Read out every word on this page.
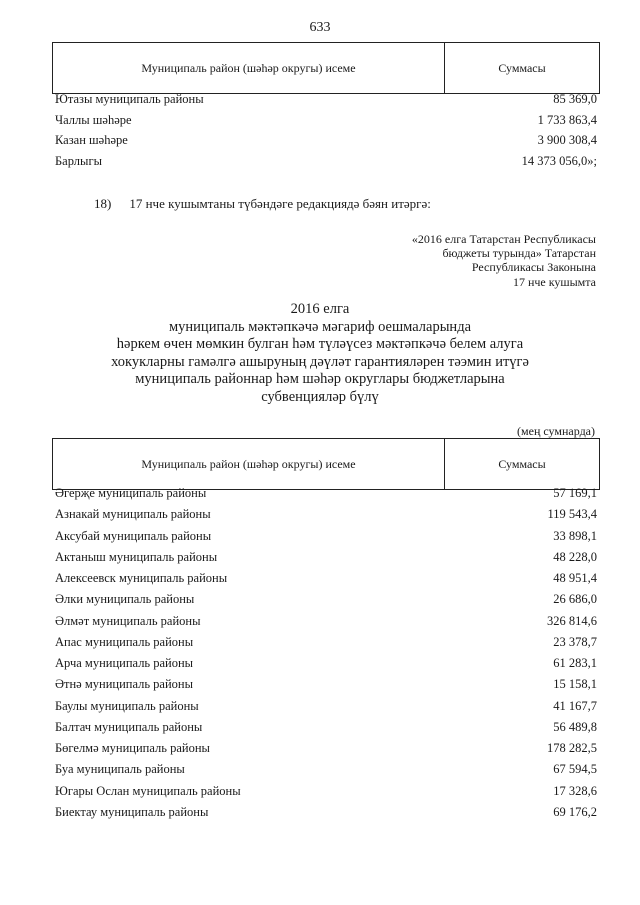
633
Муниципаль район (шәһәр округы) исеме	Суммасы
Ютазы муниципаль районы	85 369,0
Чаллы шәһәре	1 733 863,4
Казан шәһәре	3 900 308,4
Барлыгы	14 373 056,0»;
18) 17 нче кушымтаны түбәндәге редакциядә бәян итәргә:
«2016 елга Татарстан Республикасы
бюджеты турында» Татарстан
Республикасы Законына
17 нче кушымта
2016 елга
муниципаль мәктәпкәчә мәгариф оешмаларында
һәркем өчен мөмкин булган һәм түләүсез мәктәпкәчә белем алуга
хокукларны гамәлгә ашыруның дәүләт гарантияләрен тәэмин итүгә
муниципаль районнар һәм шәһәр округлары бюджетларына
субвенцияләр бүлү
(мең сумнарда)
Муниципаль район (шәһәр округы) исеме	Суммасы
Әгерҗе муниципаль районы	57 169,1
Азнакай муниципаль районы	119 543,4
Аксубай муниципаль районы	33 898,1
Актаныш муниципаль районы	48 228,0
Алексеевск муниципаль районы	48 951,4
Әлки муниципаль районы	26 686,0
Әлмәт муниципаль районы	326 814,6
Апас муниципаль районы	23 378,7
Арча муниципаль районы	61 283,1
Әтнә муниципаль районы	15 158,1
Баулы муниципаль районы	41 167,7
Балтач муниципаль районы	56 489,8
Бөгелмә муниципаль районы	178 282,5
Буа муниципаль районы	67 594,5
Югары Ослан муниципаль районы	17 328,6
Биектау муниципаль районы	69 176,2
